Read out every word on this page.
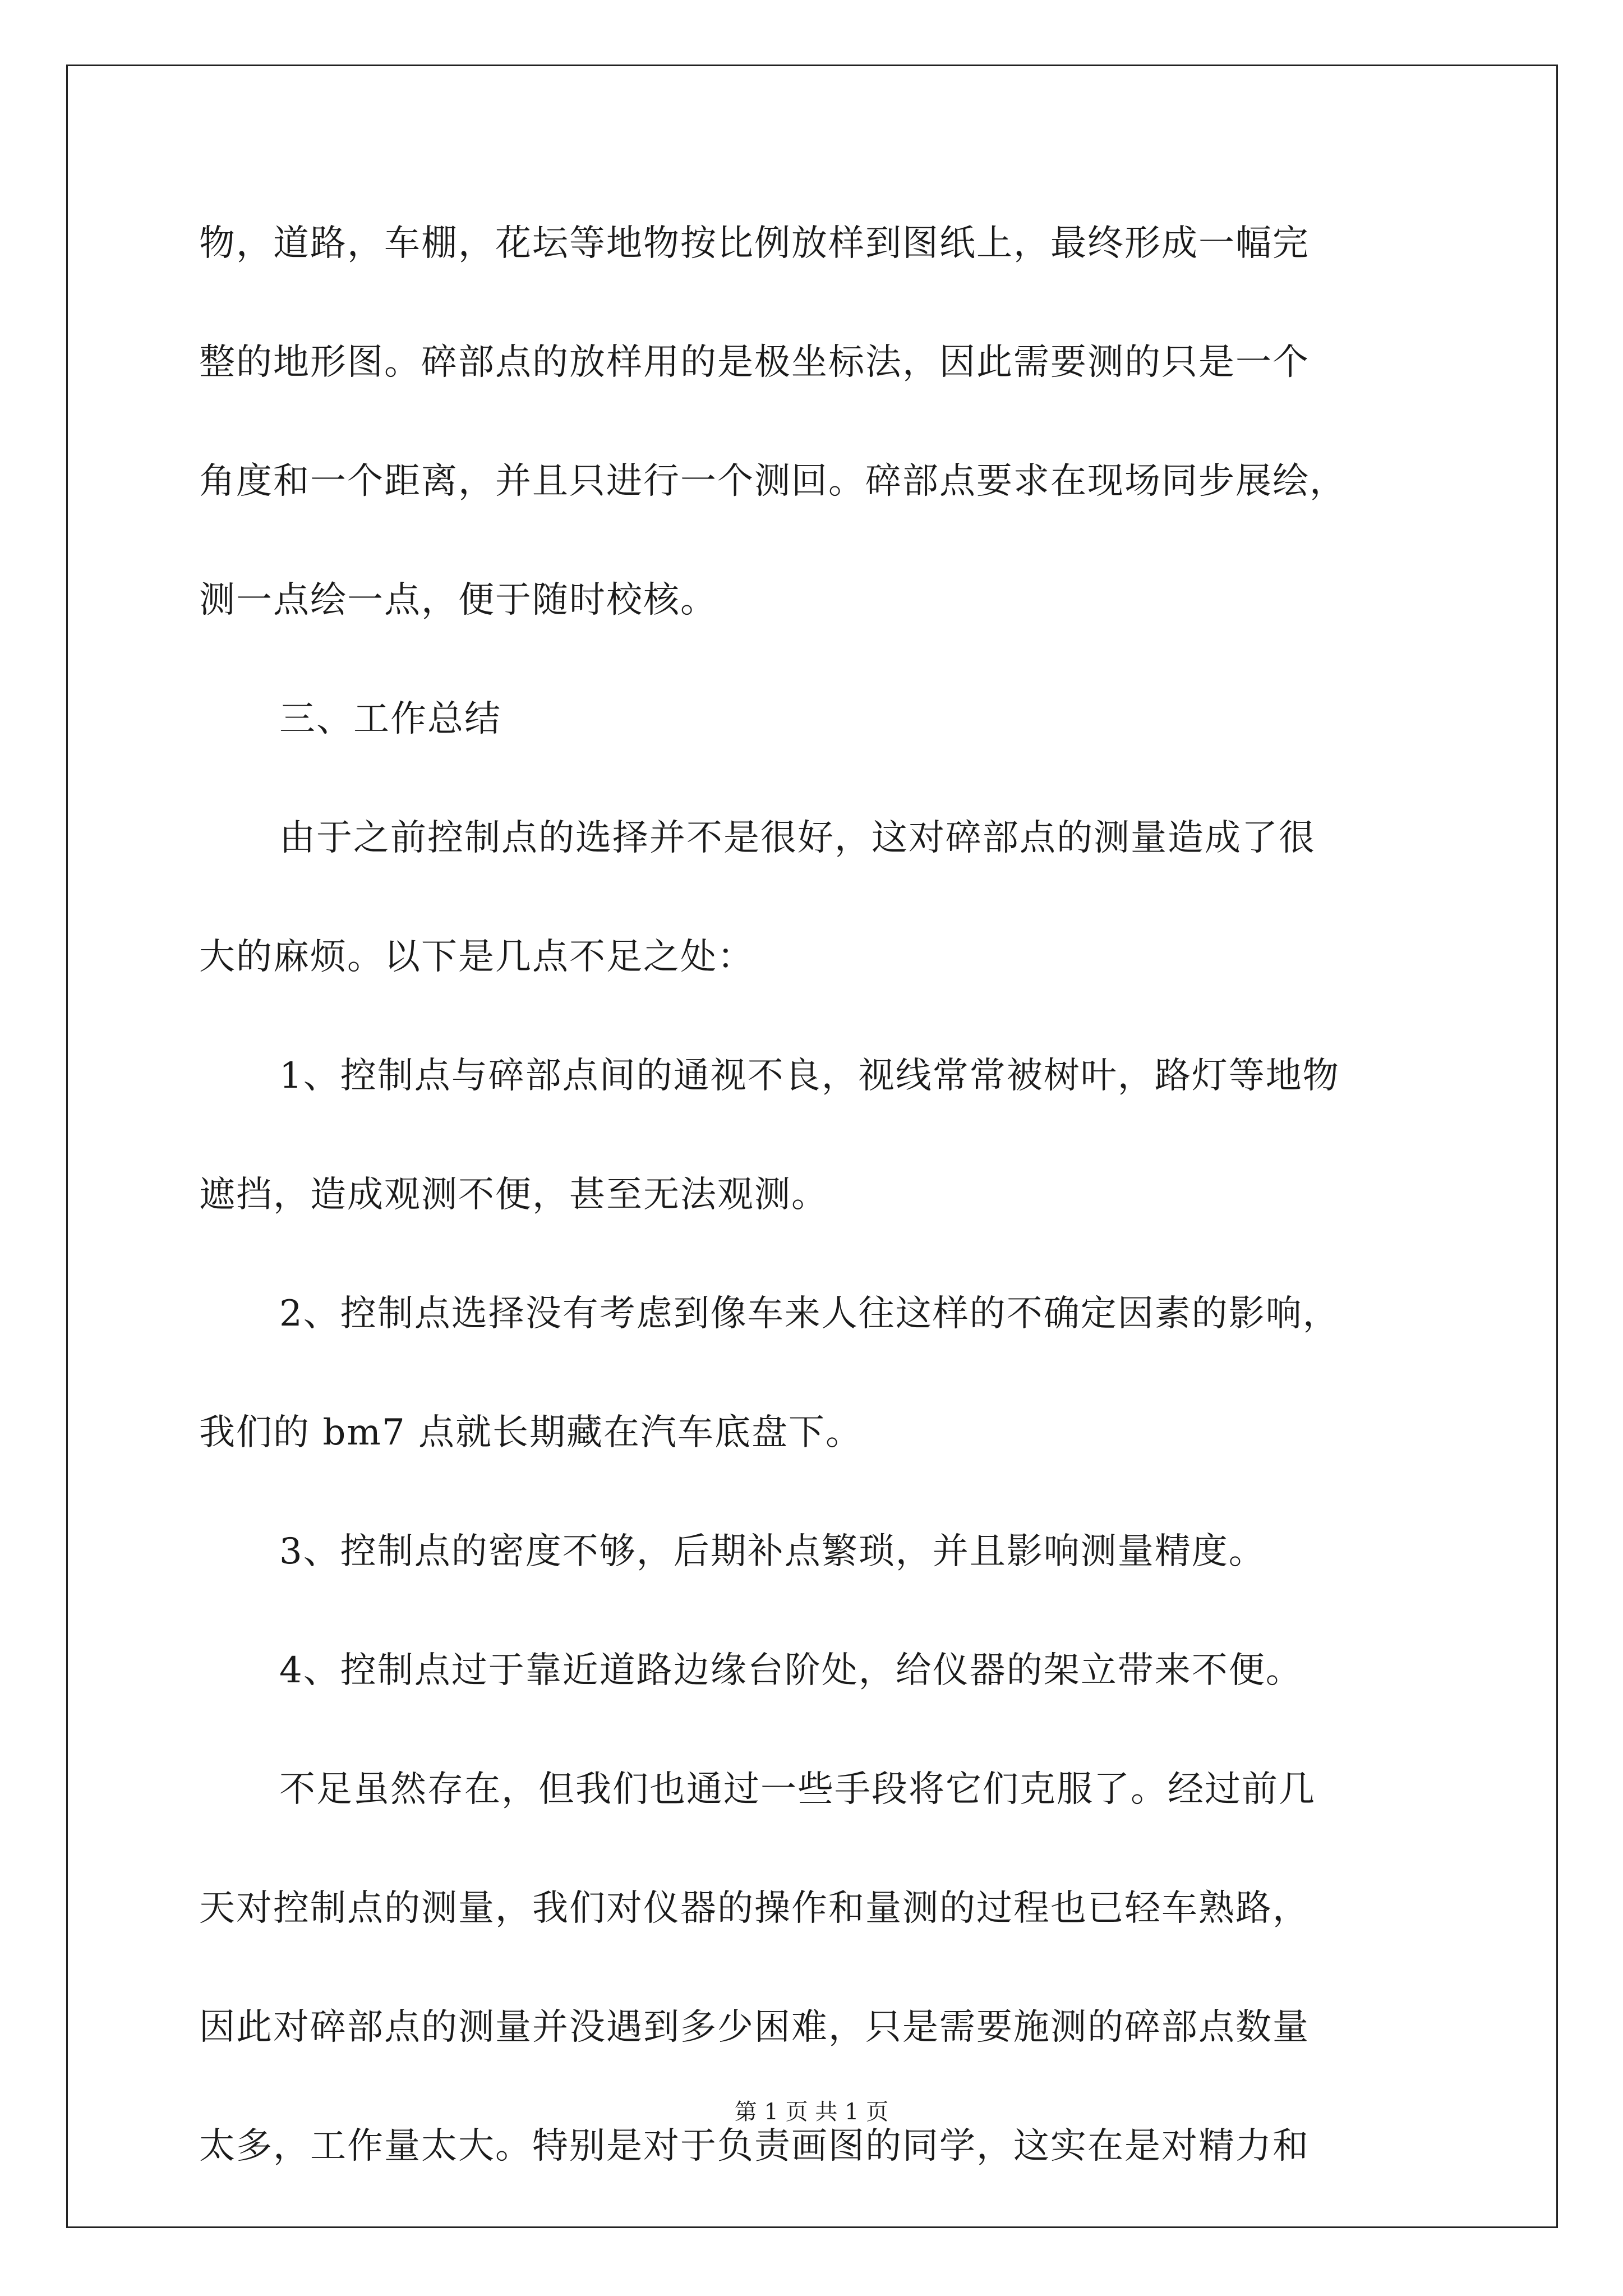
物，道路，车棚，花坛等地物按比例放样到图纸上，最终形成一幅完
整的地形图。碎部点的放样用的是极坐标法，因此需要测的只是一个
角度和一个距离，并且只进行一个测回。碎部点要求在现场同步展绘，
测一点绘一点，便于随时校核。
三、工作总结
由于之前控制点的选择并不是很好，这对碎部点的测量造成了很
大的麻烦。以下是几点不足之处：
1、控制点与碎部点间的通视不良，视线常常被树叶，路灯等地物
遮挡，造成观测不便，甚至无法观测。
2、控制点选择没有考虑到像车来人往这样的不确定因素的影响，
我们的 bm7 点就长期藏在汽车底盘下。
3、控制点的密度不够，后期补点繁琐，并且影响测量精度。
4、控制点过于靠近道路边缘台阶处，给仪器的架立带来不便。
不足虽然存在，但我们也通过一些手段将它们克服了。经过前几
天对控制点的测量，我们对仪器的操作和量测的过程也已轻车熟路，
因此对碎部点的测量并没遇到多少困难，只是需要施测的碎部点数量
太多，工作量太大。特别是对于负责画图的同学，这实在是对精力和
第 1 页 共 1 页
